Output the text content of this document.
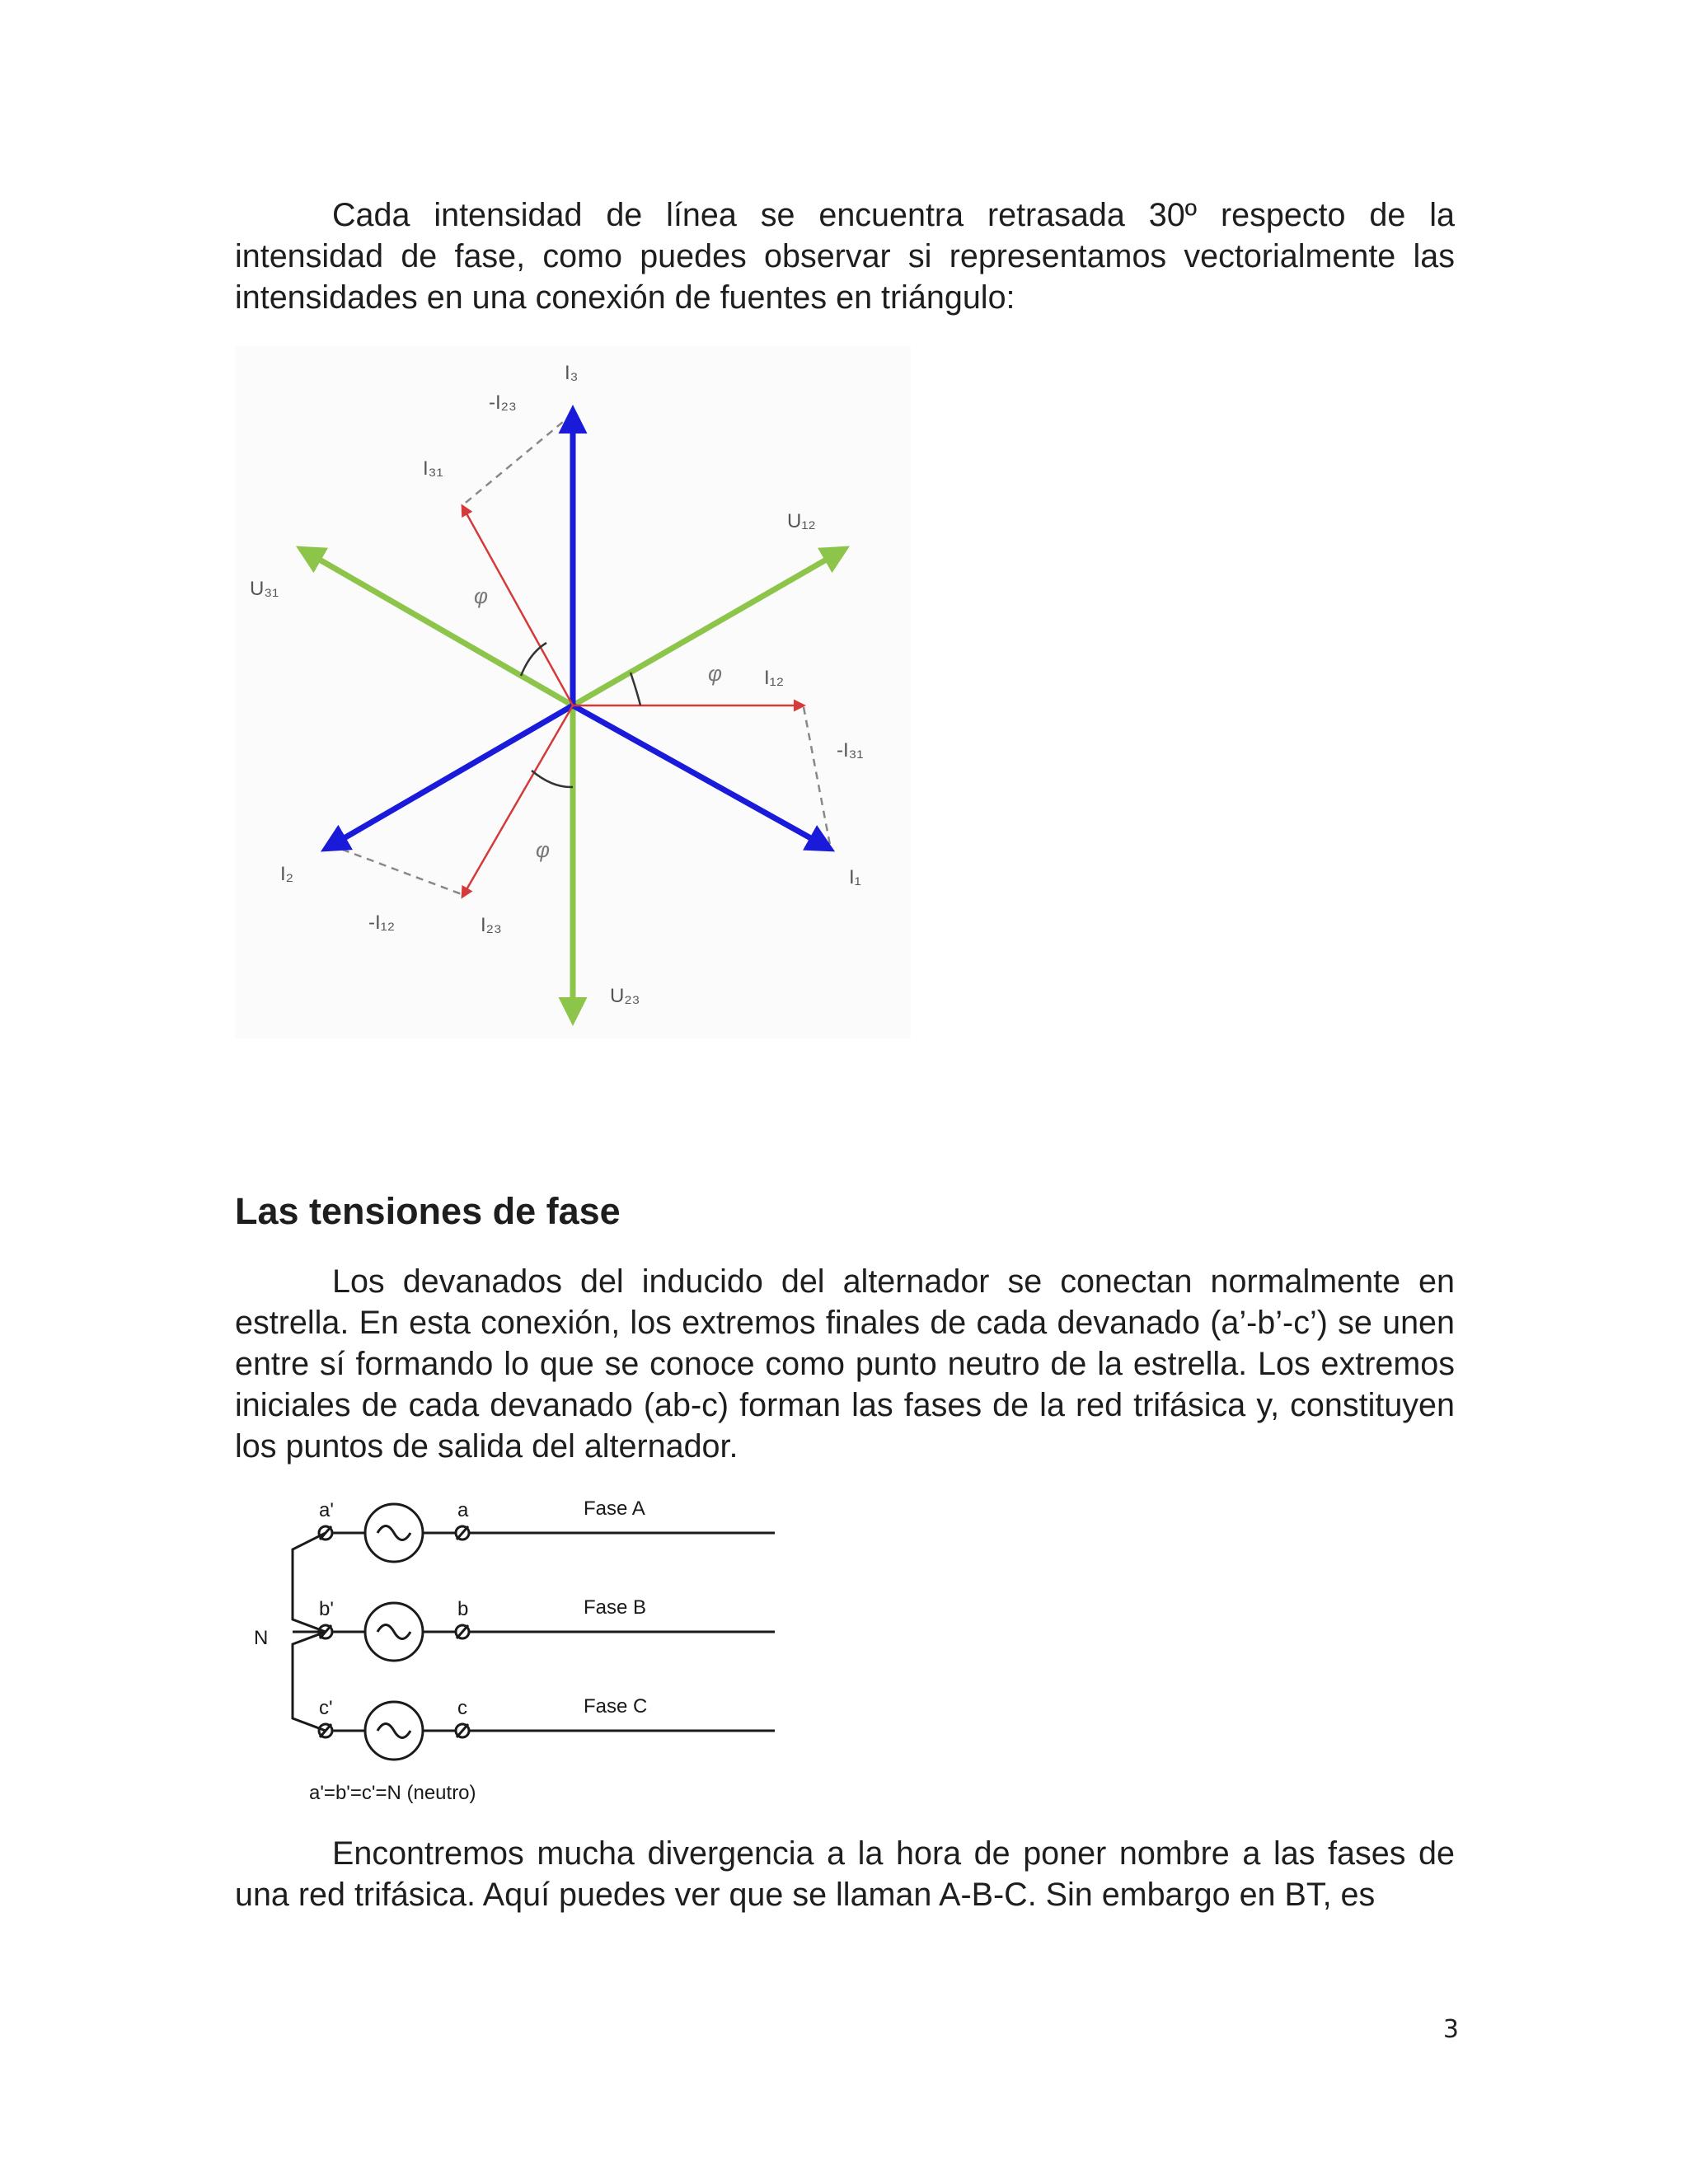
Cada intensidad de línea se encuentra retrasada 30º respecto de la intensidad de fase, como puedes observar si representamos vectorialmente las intensidades en una conexión de fuentes en triángulo:

I₃
-I₂₃
I₃₁
U₁₂
U₃₁
I₁₂
-I₃₁
I₂	I₁
-I₁₂	I₂₃
U₂₃
φ
φ
φ
Las tensiones de fase

Los devanados del inducido del alternador se conectan normalmente en estrella. En esta conexión, los extremos finales de cada devanado (a’-b’-c’) se unen entre sí formando lo que se conoce como punto neutro de la estrella. Los extremos iniciales de cada devanado (ab-c) forman las fases de la red trifásica y, constituyen los puntos de salida del alternador.

a'
b'
c'
a
b
c
Fase A
Fase B
Fase C
N
a'=b'=c'=N (neutro)

Encontremos mucha divergencia a la hora de poner nombre a las fases de una red trifásica. Aquí puedes ver que se llaman A-B-C. Sin embargo en BT, es

3
